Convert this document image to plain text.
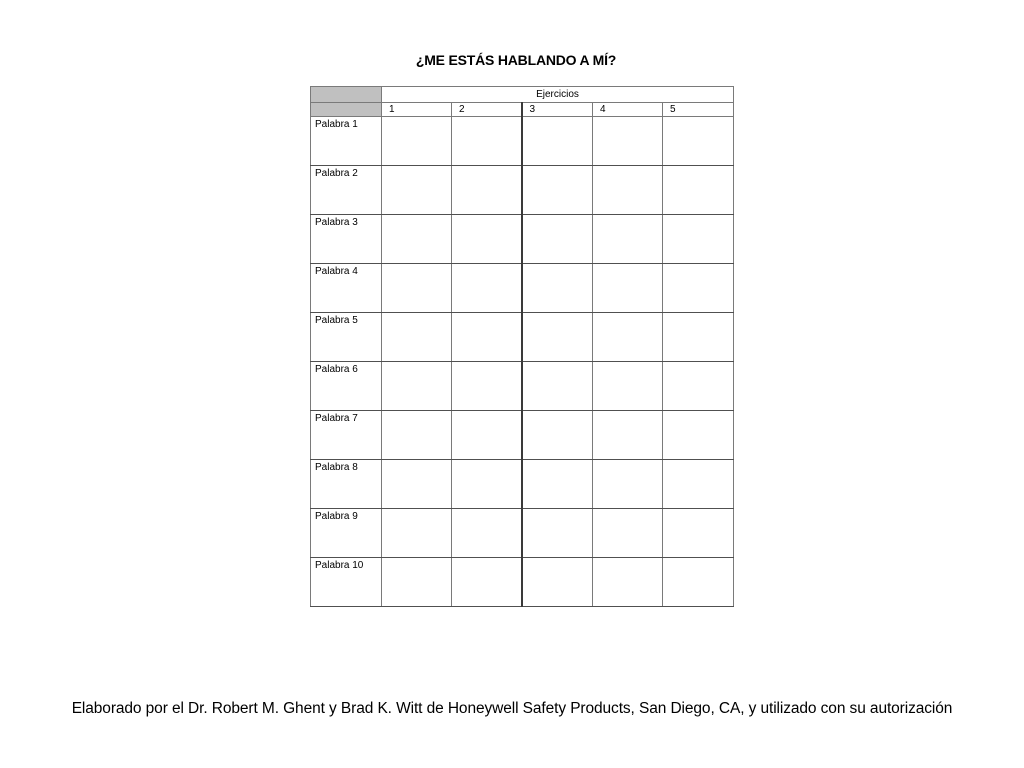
¿ME ESTÁS HABLANDO A MÍ?
	Ejercicios				
	1	2	3	4	5
Palabra 1					
Palabra 2					
Palabra 3					
Palabra 4					
Palabra 5					
Palabra 6					
Palabra 7					
Palabra 8					
Palabra 9					
Palabra 10					
Elaborado por el Dr. Robert M. Ghent y Brad K. Witt de Honeywell Safety Products, San Diego, CA, y utilizado con su autorización
